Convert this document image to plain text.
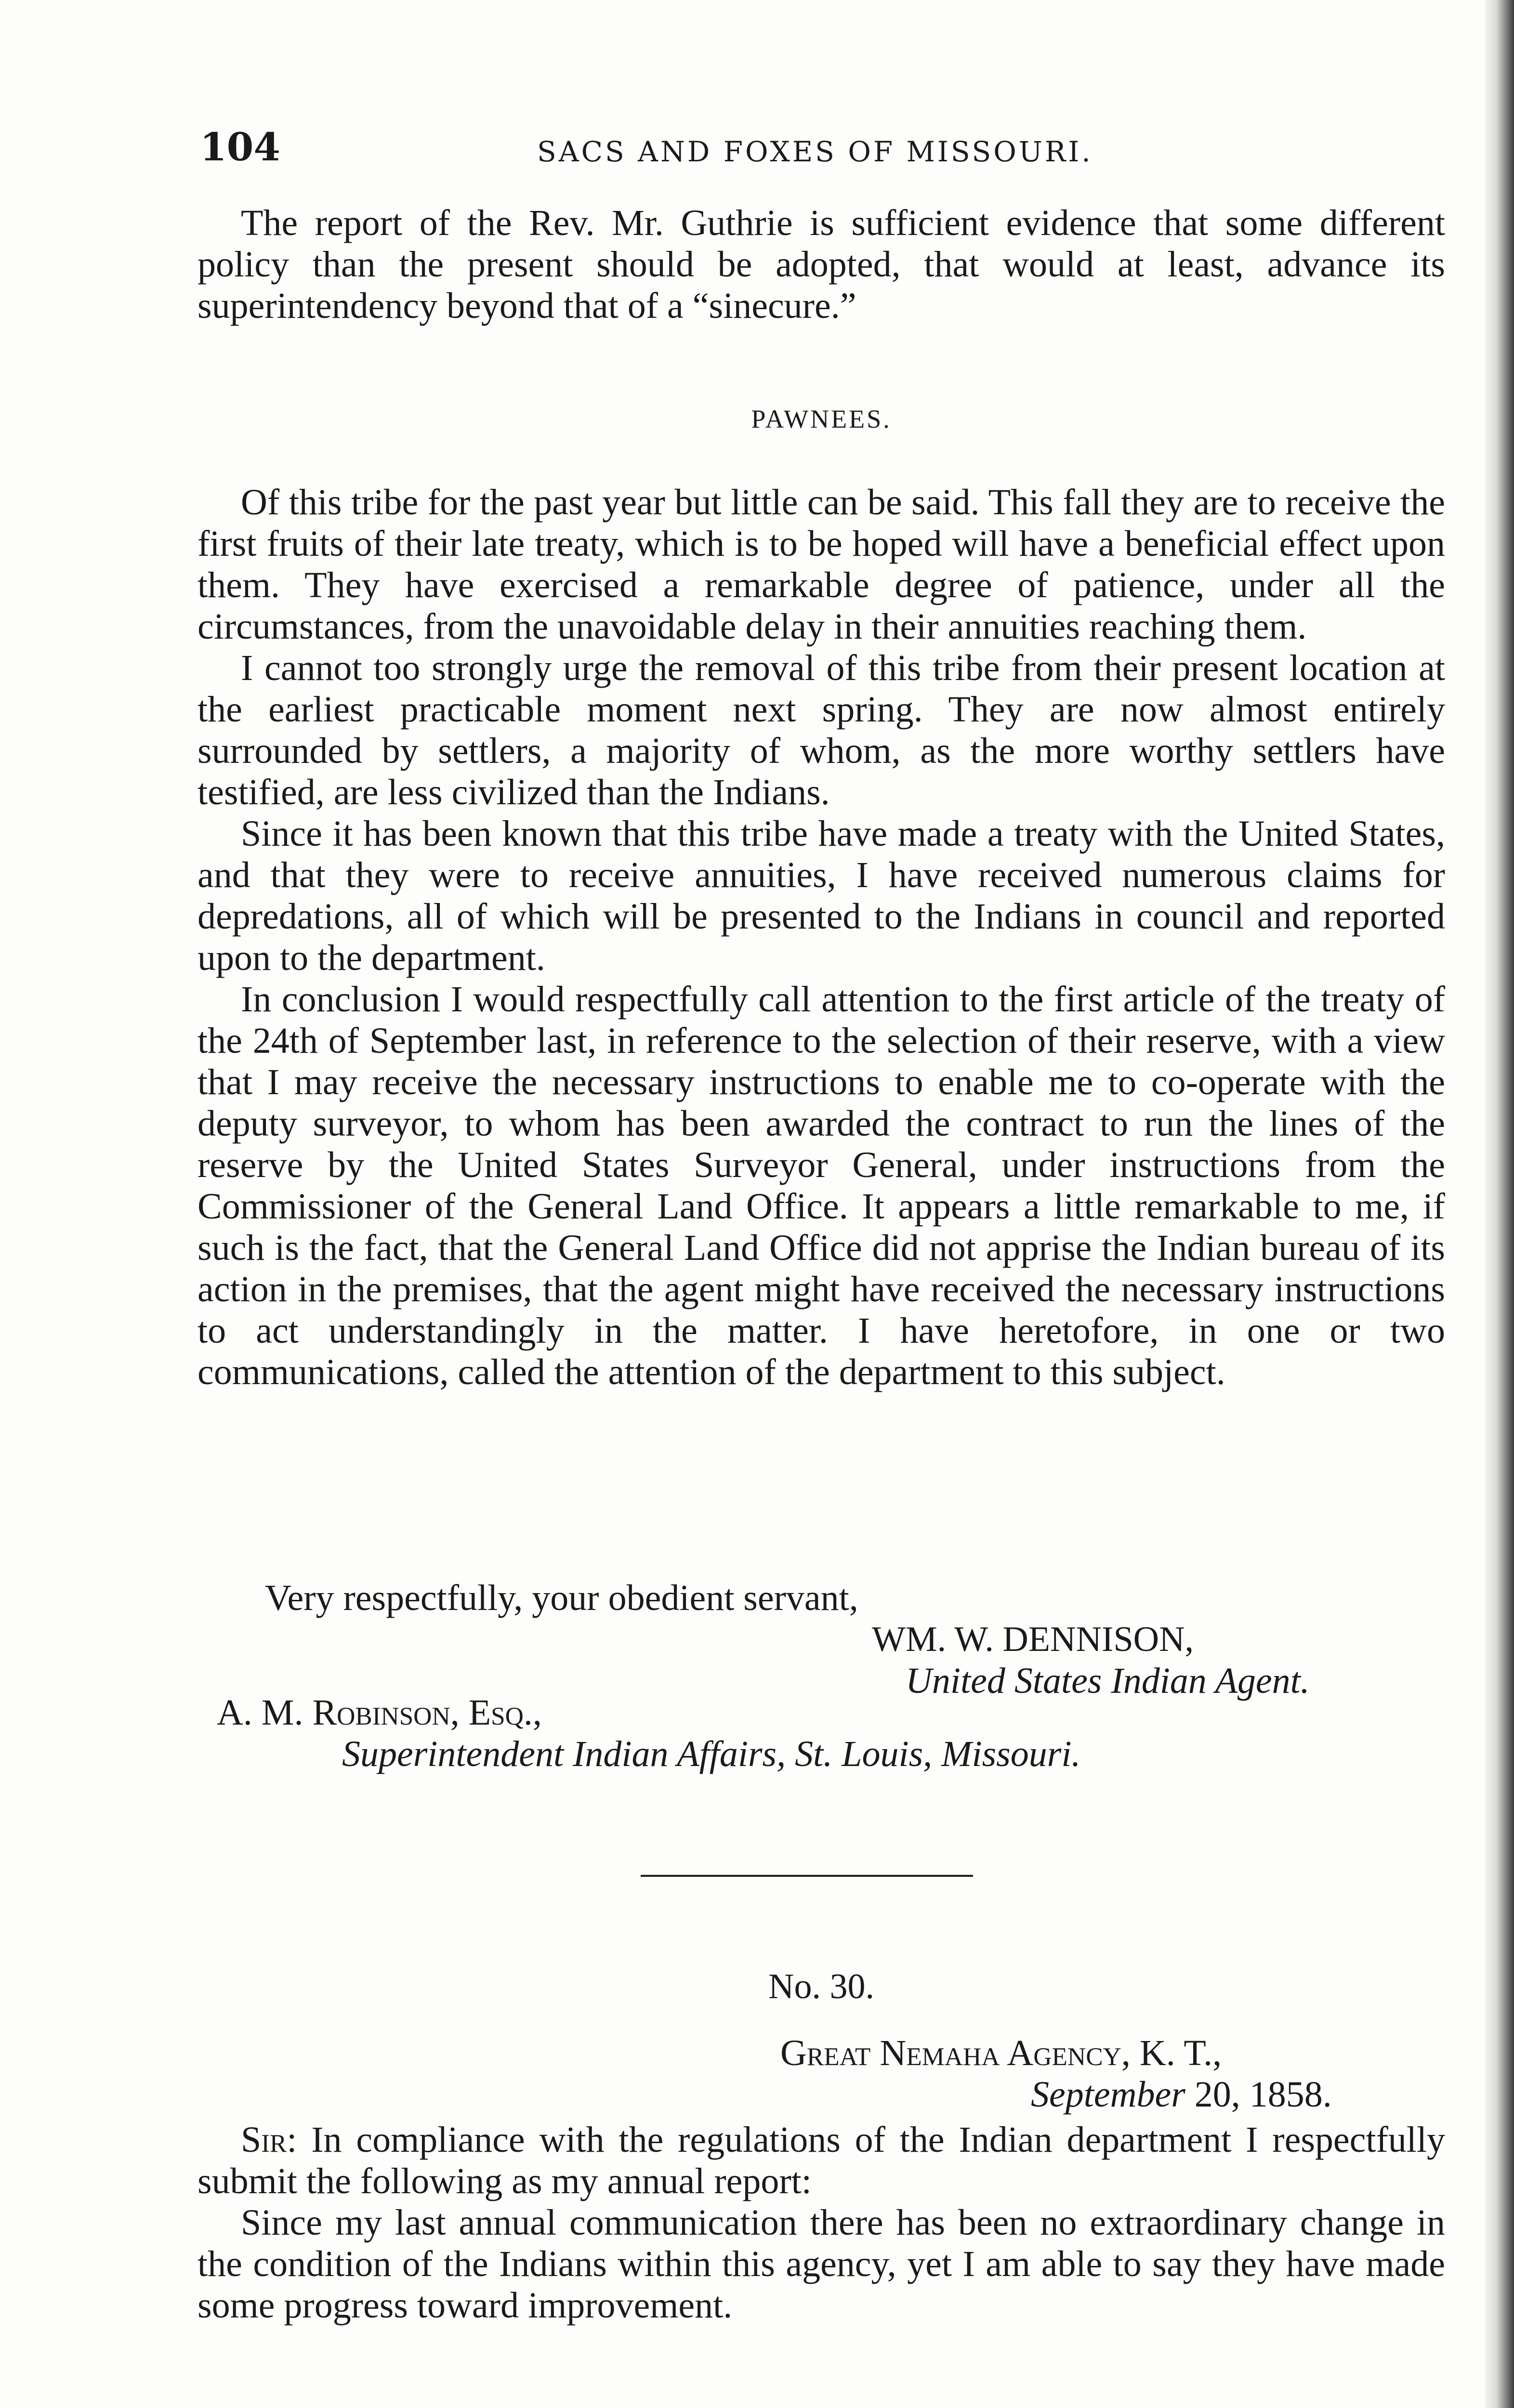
104	SACS AND FOXES OF MISSOURI.

The report of the Rev. Mr. Guthrie is sufficient evidence that some different policy than the present should be adopted, that would at least, advance its superintendency beyond that of a “sinecure.”

PAWNEES.

Of this tribe for the past year but little can be said. This fall they are to receive the first fruits of their late treaty, which is to be hoped will have a beneficial effect upon them. They have exercised a remarkable degree of patience, under all the circumstances, from the unavoidable delay in their annuities reaching them.

I cannot too strongly urge the removal of this tribe from their present location at the earliest practicable moment next spring. They are now almost entirely surrounded by settlers, a majority of whom, as the more worthy settlers have testified, are less civilized than the Indians.

Since it has been known that this tribe have made a treaty with the United States, and that they were to receive annuities, I have received numerous claims for depredations, all of which will be presented to the Indians in council and reported upon to the department.

In conclusion I would respectfully call attention to the first article of the treaty of the 24th of September last, in reference to the selection of their reserve, with a view that I may receive the necessary instructions to enable me to co-operate with the deputy surveyor, to whom has been awarded the contract to run the lines of the reserve by the United States Surveyor General, under instructions from the Commissioner of the General Land Office. It appears a little remarkable to me, if such is the fact, that the General Land Office did not apprise the Indian bureau of its action in the premises, that the agent might have received the necessary instructions to act understandingly in the matter. I have heretofore, in one or two communications, called the attention of the department to this subject.

Very respectfully, your obedient servant,
WM. W. DENNISON,
United States Indian Agent.
A. M. Robinson, Esq.,
Superintendent Indian Affairs, St. Louis, Missouri.
No. 30.
Great Nemaha Agency, K. T.,
September 20, 1858.

Sir: In compliance with the regulations of the Indian department I respectfully submit the following as my annual report:

Since my last annual communication there has been no extraordinary change in the condition of the Indians within this agency, yet I am able to say they have made some progress toward improvement.
